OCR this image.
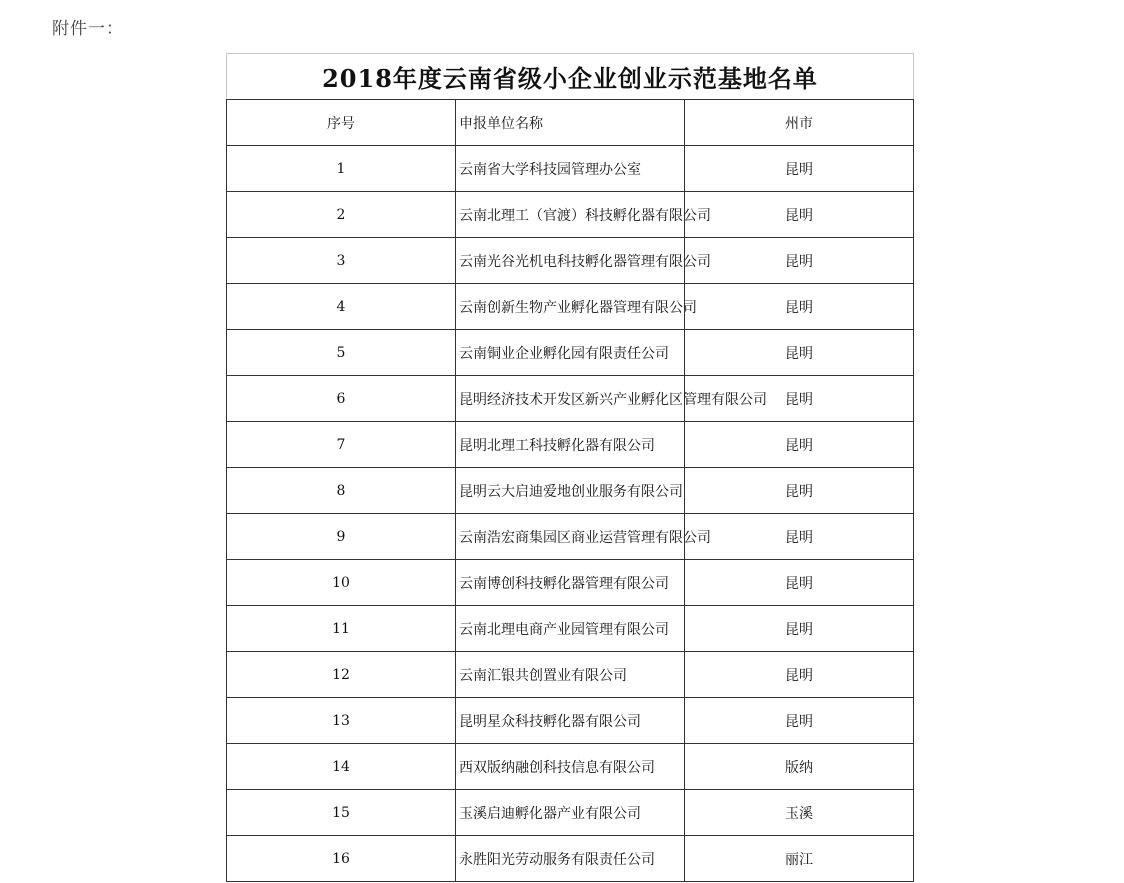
附件一：
2018年度云南省级小企业创业示范基地名单		
序号	申报单位名称	州市
1	云南省大学科技园管理办公室	昆明
2	云南北理工（官渡）科技孵化器有限公司	昆明
3	云南光谷光机电科技孵化器管理有限公司	昆明
4	云南创新生物产业孵化器管理有限公司	昆明
5	云南铜业企业孵化园有限责任公司	昆明
6	昆明经济技术开发区新兴产业孵化区管理有限公司	昆明
7	昆明北理工科技孵化器有限公司	昆明
8	昆明云大启迪爱地创业服务有限公司	昆明
9	云南浩宏商集园区商业运营管理有限公司	昆明
10	云南博创科技孵化器管理有限公司	昆明
11	云南北理电商产业园管理有限公司	昆明
12	云南汇银共创置业有限公司	昆明
13	昆明星众科技孵化器有限公司	昆明
14	西双版纳融创科技信息有限公司	版纳
15	玉溪启迪孵化器产业有限公司	玉溪
16	永胜阳光劳动服务有限责任公司	丽江
